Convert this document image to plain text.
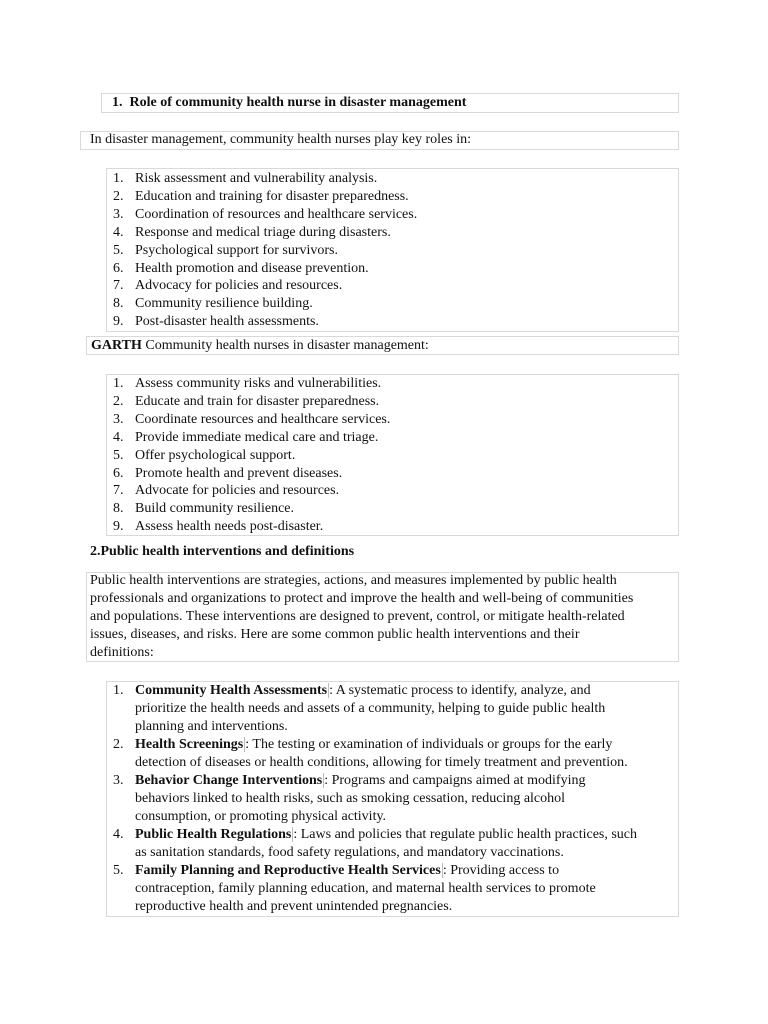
1. Role of community health nurse in disaster management
In disaster management, community health nurses play key roles in:
1. Risk assessment and vulnerability analysis.
2. Education and training for disaster preparedness.
3. Coordination of resources and healthcare services.
4. Response and medical triage during disasters.
5. Psychological support for survivors.
6. Health promotion and disease prevention.
7. Advocacy for policies and resources.
8. Community resilience building.
9. Post-disaster health assessments.
GARTH Community health nurses in disaster management:
1. Assess community risks and vulnerabilities.
2. Educate and train for disaster preparedness.
3. Coordinate resources and healthcare services.
4. Provide immediate medical care and triage.
5. Offer psychological support.
6. Promote health and prevent diseases.
7. Advocate for policies and resources.
8. Build community resilience.
9. Assess health needs post-disaster.
2.Public health interventions and definitions
Public health interventions are strategies, actions, and measures implemented by public health
professionals and organizations to protect and improve the health and well-being of communities
and populations. These interventions are designed to prevent, control, or mitigate health-related
issues, diseases, and risks. Here are some common public health interventions and their
definitions:
1. Community Health Assessments : A systematic process to identify, analyze, and
prioritize the health needs and assets of a community, helping to guide public health
planning and interventions.
2. Health Screenings : The testing or examination of individuals or groups for the early
detection of diseases or health conditions, allowing for timely treatment and prevention.
3. Behavior Change Interventions : Programs and campaigns aimed at modifying
behaviors linked to health risks, such as smoking cessation, reducing alcohol
consumption, or promoting physical activity.
4. Public Health Regulations : Laws and policies that regulate public health practices, such
as sanitation standards, food safety regulations, and mandatory vaccinations.
5. Family Planning and Reproductive Health Services : Providing access to
contraception, family planning education, and maternal health services to promote
reproductive health and prevent unintended pregnancies.
